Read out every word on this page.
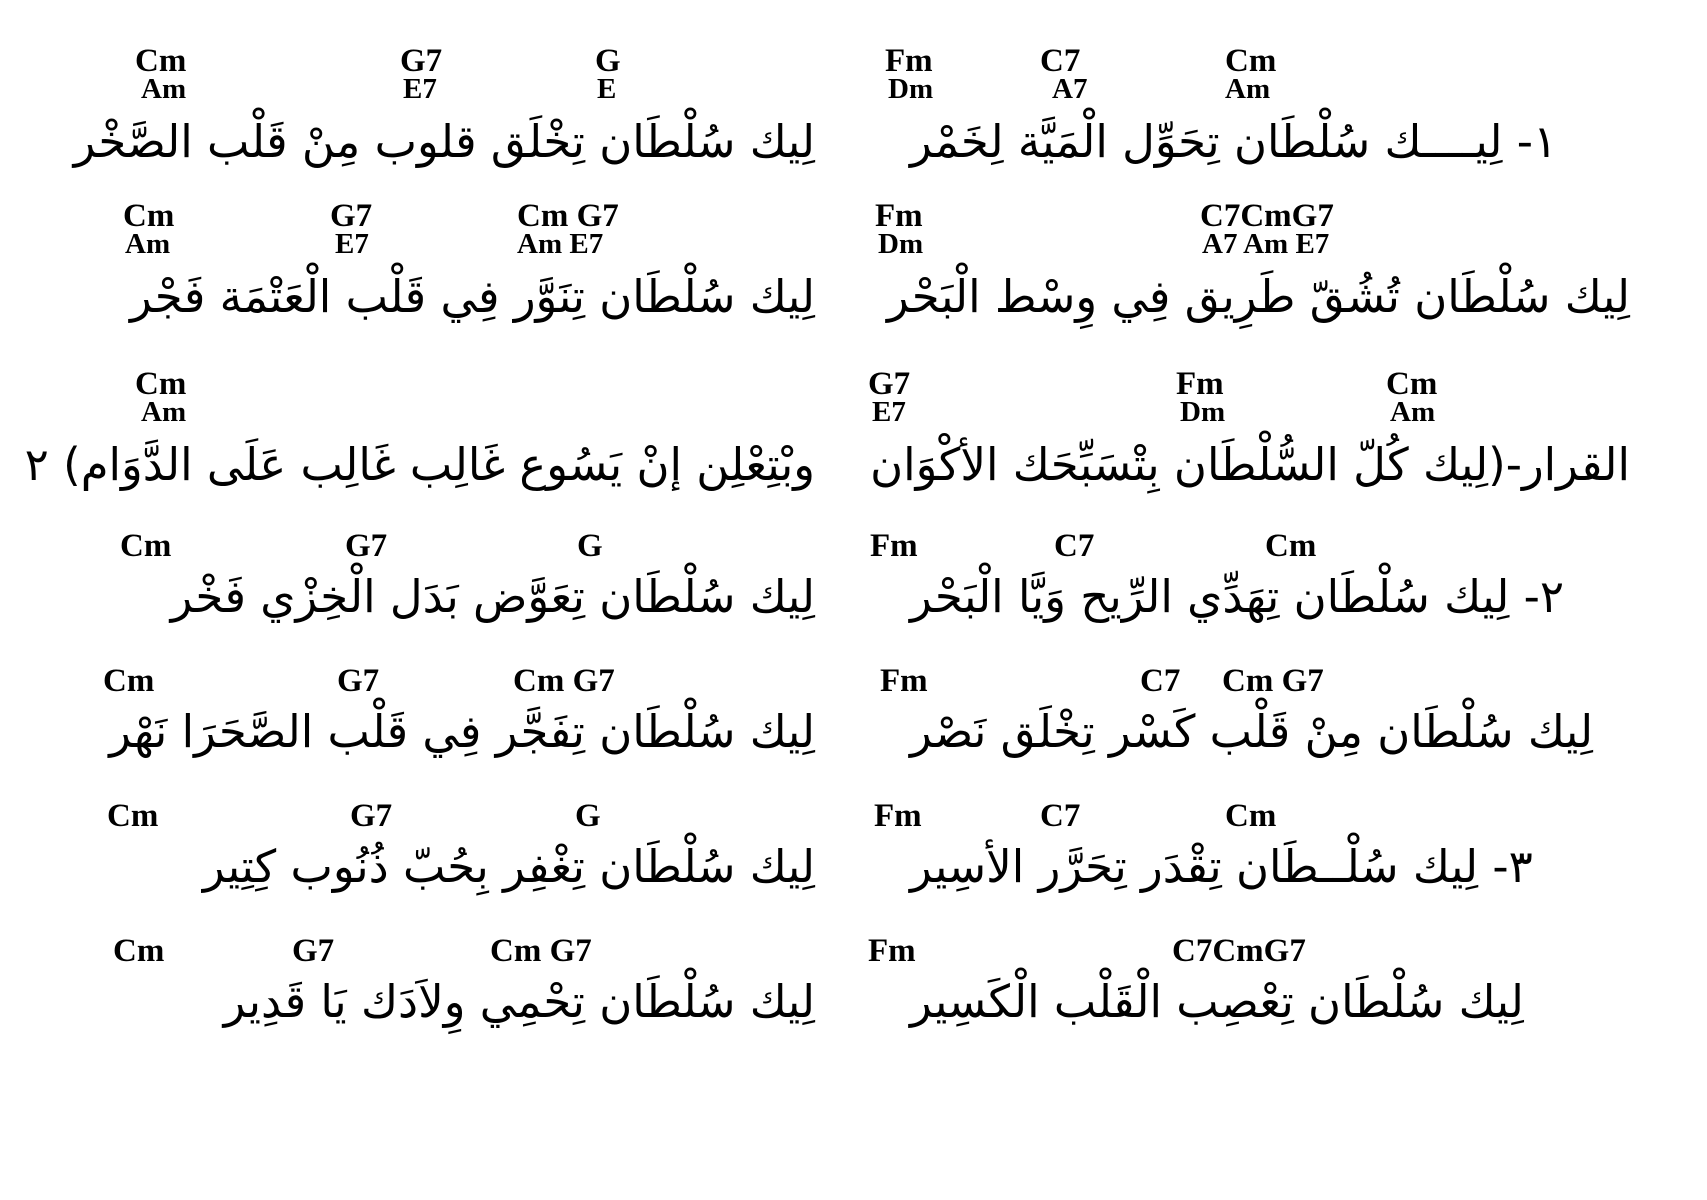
Fm	C7	Cm
Dm	A7	Am
١- لِيــــك سُلْطَان تِحَوِّل الْمَيَّة لِخَمْر
Fm	C7CmG7
Dm	A7 Am E7
لِيك سُلْطَان تُشُقّ طَرِيق فِي وِسْط الْبَحْر
G7	Fm	Cm
E7	Dm	Am
القرار-(لِيك كُلّ السُّلْطَان بِتْسَبِّحَك الأكْوَان
Fm	C7	Cm
٢- لِيك سُلْطَان تِهَدِّي الرِّيح وَيَّا الْبَحْر
Fm	C7 Cm G7
لِيك سُلْطَان مِنْ قَلْب كَسْر تِخْلَق نَصْر
Fm	C7	Cm
٣- لِيك سُلْــطَان تِقْدَر تِحَرَّر الأسِير
Fm	C7CmG7
لِيك سُلْطَان تِعْصِب الْقَلْب الْكَسِير
Cm	G7	G
Am	E7	E
لِيك سُلْطَان تِخْلَق قلوب مِنْ قَلْب الصَّخْر
Cm	G7	Cm G7
Am	E7	Am E7
لِيك سُلْطَان تِنَوَّر فِي قَلْب الْعَتْمَة فَجْر
Cm
Am
وبْتِعْلِن إنْ يَسُوع غَالِب غَالِب عَلَى الدَّوَام) ٢
Cm	G7	G
لِيك سُلْطَان تِعَوَّض بَدَل الْخِزْي فَخْر
Cm	G7	Cm G7
لِيك سُلْطَان تِفَجَّر فِي قَلْب الصَّحَرَا نَهْر
Cm	G7	G
لِيك سُلْطَان تِغْفِر بِحُبّ ذُنُوب كِتِير
Cm	G7	Cm G7
لِيك سُلْطَان تِحْمِي وِلاَدَك يَا قَدِير
